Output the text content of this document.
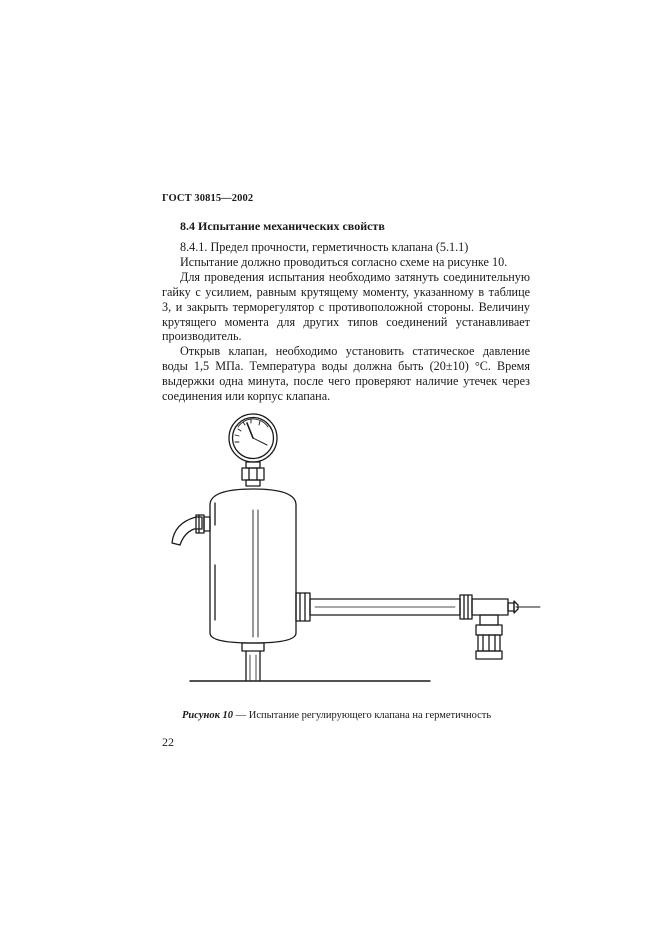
ГОСТ 30815—2002
8.4 Испытание механических свойств

8.4.1. Предел прочности, герметичность клапана (5.1.1)

Испытание должно проводиться согласно схеме на рисунке 10.

Для проведения испытания необходимо затянуть соединительную гайку с усилием, равным крутящему моменту, указанному в таблице 3, и закрыть терморегулятор с противоположной стороны. Величину крутящего момента для других типов соединений устанавливает производитель.

Открыв клапан, необходимо установить статическое давление воды 1,5 МПа. Температура воды должна быть (20±10) °С. Время выдержки одна минута, после чего проверяют наличие утечек через соединения или корпус клапана.

Рисунок 10 — Испытание регулирующего клапана на герметичность
22
